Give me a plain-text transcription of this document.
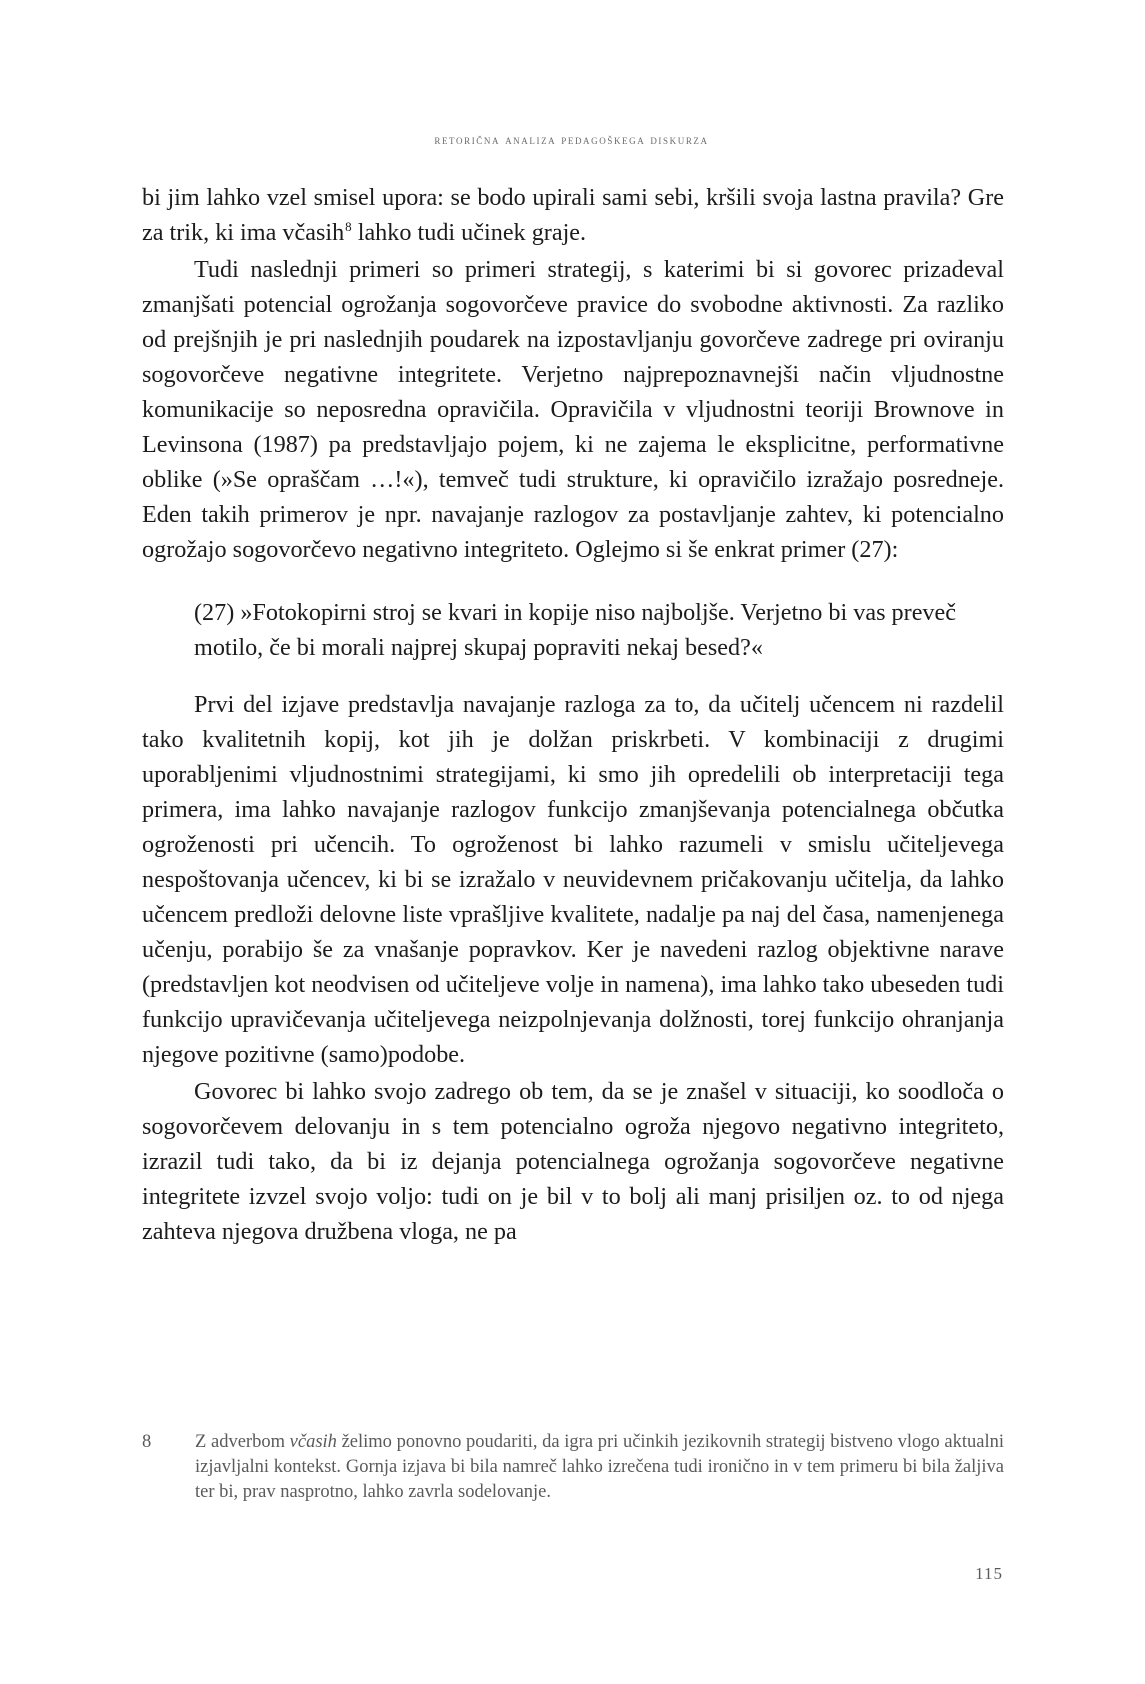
retorična analiza pedagoškega diskurza

bi jim lahko vzel smisel upora: se bodo upirali sami sebi, kršili svoja lastna pravila? Gre za trik, ki ima včasih$^8$ lahko tudi učinek graje.

Tudi naslednji primeri so primeri strategij, s katerimi bi si govorec prizadeval zmanjšati potencial ogrožanja sogovorčeve pravice do svobodne aktivnosti. Za razliko od prejšnjih je pri naslednjih poudarek na izpostavljanju govorčeve zadrege pri oviranju sogovorčeve negativne integritete. Verjetno najprepoznavnejši način vljudnostne komunikacije so neposredna opravičila. Opravičila v vljudnostni teoriji Brownove in Levinsona (1987) pa predstavljajo pojem, ki ne zajema le eksplicitne, performativne oblike (»Se opraščam …!«), temveč tudi strukture, ki opravičilo izražajo posredneje. Eden takih primerov je npr. navajanje razlogov za postavljanje zahtev, ki potencialno ogrožajo sogovorčevo negativno integriteto. Oglejmo si še enkrat primer (27):

(27) »Fotokopirni stroj se kvari in kopije niso najboljše. Verjetno bi vas preveč motilo, če bi morali najprej skupaj popraviti nekaj besed?«

Prvi del izjave predstavlja navajanje razloga za to, da učitelj učencem ni razdelil tako kvalitetnih kopij, kot jih je dolžan priskrbeti. V kombinaciji z drugimi uporabljenimi vljudnostnimi strategijami, ki smo jih opredelili ob interpretaciji tega primera, ima lahko navajanje razlogov funkcijo zmanjševanja potencialnega občutka ogroženosti pri učencih. To ogroženost bi lahko razumeli v smislu učiteljevega nespoštovanja učencev, ki bi se izražalo v neuvidevnem pričakovanju učitelja, da lahko učencem predloži delovne liste vprašljive kvalitete, nadalje pa naj del časa, namenjenega učenju, porabijo še za vnašanje popravkov. Ker je navedeni razlog objektivne narave (predstavljen kot neodvisen od učiteljeve volje in namena), ima lahko tako ubeseden tudi funkcijo upravičevanja učiteljevega neizpolnjevanja dolžnosti, torej funkcijo ohranjanja njegove pozitivne (samo)podobe.

Govorec bi lahko svojo zadrego ob tem, da se je znašel v situaciji, ko soodloča o sogovorčevem delovanju in s tem potencialno ogroža njegovo negativno integriteto, izrazil tudi tako, da bi iz dejanja potencialnega ogrožanja sogovorčeve negativne integritete izvzel svojo voljo: tudi on je bil v to bolj ali manj prisiljen oz. to od njega zahteva njegova družbena vloga, ne pa

8	Z adverbom včasih želimo ponovno poudariti, da igra pri učinkih jezikovnih strategij bistveno vlogo aktualni izjavljalni kontekst. Gornja izjava bi bila namreč lahko izrečena tudi ironično in v tem primeru bi bila žaljiva ter bi, prav nasprotno, lahko zavrla sodelovanje.
115
